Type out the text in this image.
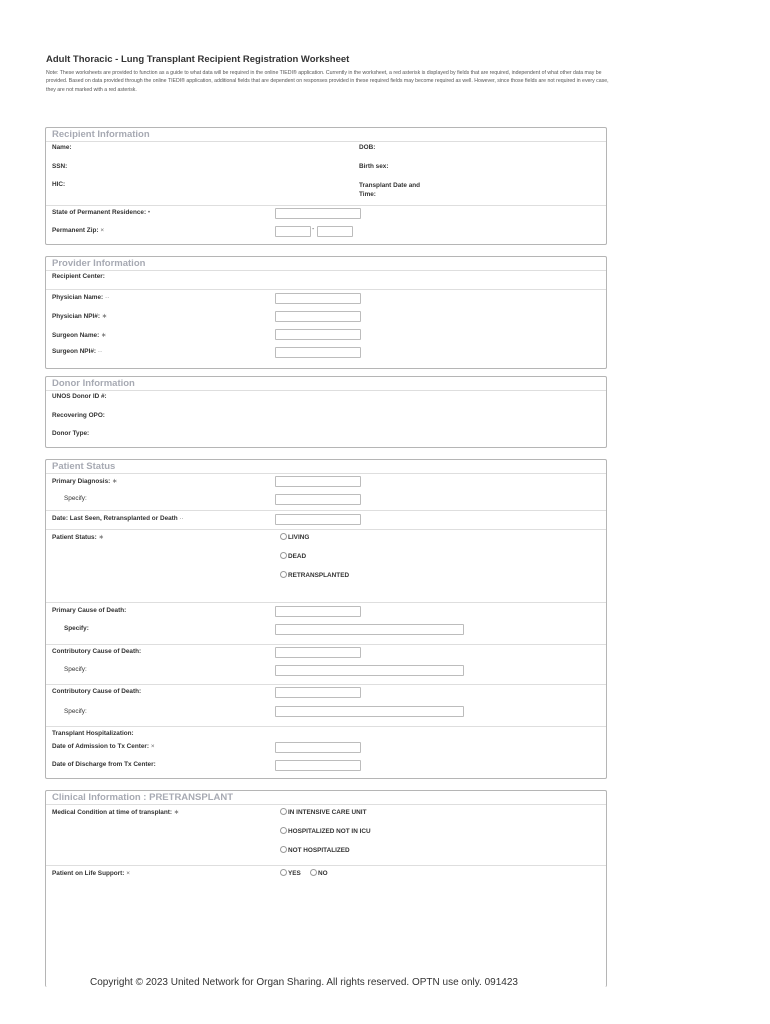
Adult Thoracic - Lung Transplant Recipient Registration Worksheet
Note: These worksheets are provided to function as a guide to what data will be required in the online TIEDI® application. Currently in the worksheet, a red asterisk is displayed by fields that are required, independent of what other data may be provided. Based on data provided through the online TIEDI® application, additional fields that are dependent on responses provided in these required fields may become required as well. However, since those fields are not required in every case, they are not marked with a red asterisk.
Recipient Information
Name:	DOB:
SSN:	Birth sex:
HIC:	Transplant Date and
Time:
State of Permanent Residence: •
Permanent Zip: ×	-
Provider Information
Recipient Center:
Physician Name: ··
Physician NPI#: ∗
Surgeon Name: ∗
Surgeon NPI#: ··
Donor Information
UNOS Donor ID #:
Recovering OPO:
Donor Type:
Patient Status
Primary Diagnosis: ∗
Specify:
Date: Last Seen, Retransplanted or Death ··
Patient Status: ∗	LIVING
DEAD
RETRANSPLANTED
Primary Cause of Death:
Specify:
Contributory Cause of Death:
Specify:
Contributory Cause of Death:
Specify:
Transplant Hospitalization:
Date of Admission to Tx Center: ×
Date of Discharge from Tx Center:
Clinical Information : PRETRANSPLANT
Medical Condition at time of transplant: ∗	IN INTENSIVE CARE UNIT
HOSPITALIZED NOT IN ICU
NOT HOSPITALIZED
Patient on Life Support: ×	YES	NO
Copyright © 2023 United Network for Organ Sharing. All rights reserved. OPTN use only. 091423
